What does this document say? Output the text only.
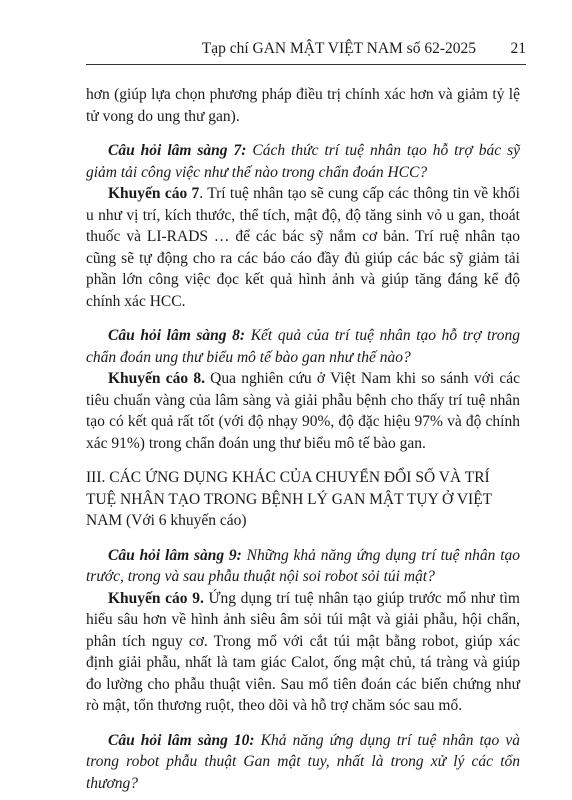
Tạp chí GAN MẬT VIỆT NAM số 62-2025 21

hơn (giúp lựa chọn phương pháp điều trị chính xác hơn và giảm tỷ lệ tử vong do ung thư gan).

Câu hỏi lâm sàng 7: Cách thức trí tuệ nhân tạo hỗ trợ bác sỹ giảm tải công việc như thế nào trong chẩn đoán HCC?

Khuyến cáo 7. Trí tuệ nhân tạo sẽ cung cấp các thông tin về khối u như vị trí, kích thước, thể tích, mật độ, độ tăng sinh vỏ u gan, thoát thuốc và LI-RADS … để các bác sỹ nắm cơ bản. Trí ruệ nhân tạo cũng sẽ tự động cho ra các báo cáo đầy đủ giúp các bác sỹ giảm tải phần lớn công việc đọc kết quả hình ảnh và giúp tăng đáng kể độ chính xác HCC.

Câu hỏi lâm sàng 8: Kết quả của trí tuệ nhân tạo hỗ trợ trong chẩn đoán ung thư biểu mô tế bào gan như thế nào?

Khuyến cáo 8. Qua nghiên cứu ở Việt Nam khi so sánh với các tiêu chuẩn vàng của lâm sàng và giải phẫu bệnh cho thấy trí tuệ nhân tạo có kết quả rất tốt (với độ nhạy 90%, độ đặc hiệu 97% và độ chính xác 91%) trong chẩn đoán ung thư biểu mô tế bào gan.

III. CÁC ỨNG DỤNG KHÁC CỦA CHUYỂN ĐỔI SỐ VÀ TRÍ TUỆ NHÂN TẠO TRONG BỆNH LÝ GAN MẬT TỤY Ở VIỆT NAM (Với 6 khuyến cáo)

Câu hỏi lâm sàng 9: Những khả năng ứng dụng trí tuệ nhân tạo trước, trong và sau phẫu thuật nội soi robot sỏi túi mật?

Khuyến cáo 9. Ứng dụng trí tuệ nhân tạo giúp trước mổ như tìm hiểu sâu hơn về hình ảnh siêu âm sỏi túi mật và giải phẫu, hội chẩn, phân tích nguy cơ. Trong mổ với cắt túi mật bằng robot, giúp xác định giải phẫu, nhất là tam giác Calot, ống mật chủ, tá tràng và giúp đo lường cho phẫu thuật viên. Sau mổ tiên đoán các biến chứng như rò mật, tổn thương ruột, theo dõi và hỗ trợ chăm sóc sau mổ.

Câu hỏi lâm sàng 10: Khả năng ứng dụng trí tuệ nhân tạo và trong robot phẫu thuật Gan mật tuy, nhất là trong xử lý các tổn thương?
